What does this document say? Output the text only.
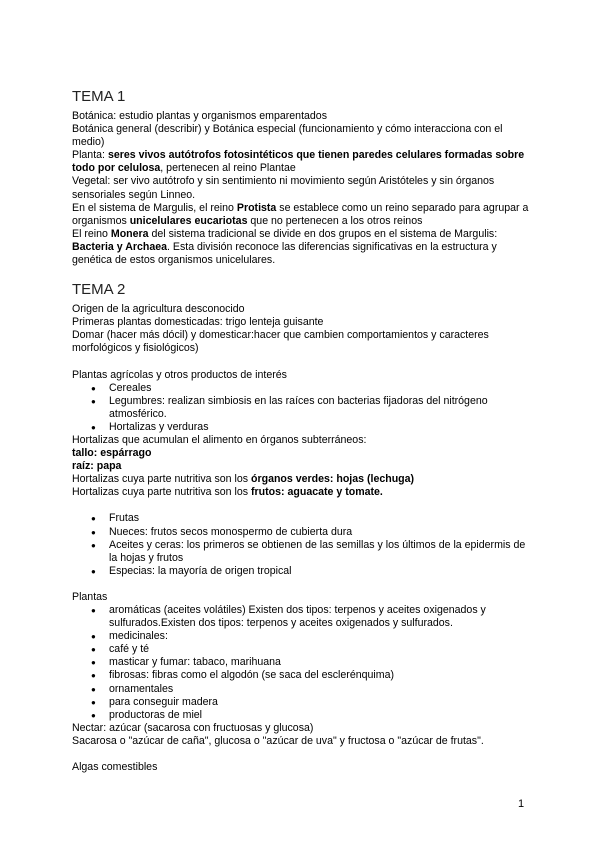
TEMA 1

Botánica: estudio plantas y organismos emparentados

Botánica general (describir) y Botánica especial (funcionamiento y cómo interacciona con el medio)

Planta: seres vivos autótrofos fotosintéticos que tienen paredes celulares formadas sobre todo por celulosa, pertenecen al reino Plantae

Vegetal: ser vivo autótrofo y sin sentimiento ni movimiento según Aristóteles y sin órganos sensoriales según Linneo.

En el sistema de Margulis, el reino Protista se establece como un reino separado para agrupar a organismos unicelulares eucariotas que no pertenecen a los otros reinos

El reino Monera del sistema tradicional se divide en dos grupos en el sistema de Margulis: Bacteria y Archaea. Esta división reconoce las diferencias significativas en la estructura y genética de estos organismos unicelulares.

TEMA 2

Origen de la agricultura desconocido

Primeras plantas domesticadas: trigo lenteja guisante

Domar (hacer más dócil) y domesticar:hacer que cambien comportamientos y caracteres morfológicos y fisiológicos)

Plantas agrícolas y otros productos de interés

● Cereales
● Legumbres: realizan simbiosis en las raíces con bacterias fijadoras del nitrógeno atmosférico.
● Hortalizas y verduras

Hortalizas que acumulan el alimento en órganos subterráneos:

tallo: espárrago

raíz: papa

Hortalizas cuya parte nutritiva son los órganos verdes: hojas (lechuga)

Hortalizas cuya parte nutritiva son los frutos: aguacate y tomate.

● Frutas
● Nueces: frutos secos monospermo de cubierta dura
● Aceites y ceras: los primeros se obtienen de las semillas y los últimos de la epidermis de la hojas y frutos
● Especias: la mayoría de origen tropical

Plantas

● aromáticas (aceites volátiles) Existen dos tipos: terpenos y aceites oxigenados y sulfurados.Existen dos tipos: terpenos y aceites oxigenados y sulfurados.
● medicinales:
● café y té
● masticar y fumar: tabaco, marihuana
● fibrosas: fibras como el algodón (se saca del esclerénquima)
● ornamentales
● para conseguir madera
● productoras de miel

Nectar: azúcar (sacarosa con fructuosas y glucosa)

Sacarosa o "azúcar de caña", glucosa o "azúcar de uva" y fructosa o "azúcar de frutas".

Algas comestibles

1
